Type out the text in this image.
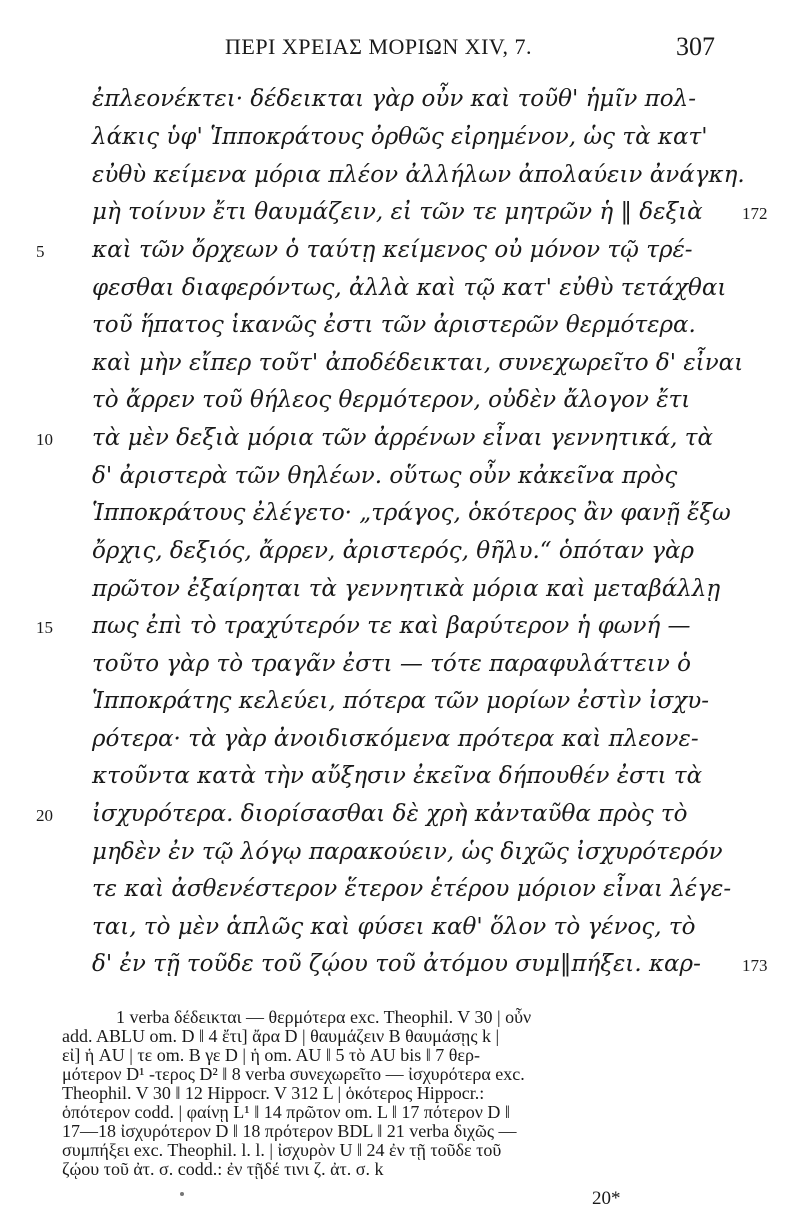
ΠΕΡΙ ΧΡΕΙΑΣ ΜΟΡΙΩΝ XIV, 7.	307
ἐπλεονέκτει· δέδεικται γὰρ οὖν καὶ τοῦθ' ἡμῖν πολ-
λάκις ὑφ' Ἱπποκράτους ὀρθῶς εἰρημένον, ὡς τὰ κατ'
εὐθὺ κείμενα μόρια πλέον ἀλλήλων ἀπολαύειν ἀνάγκη.
μὴ τοίνυν ἔτι θαυμάζειν, εἰ τῶν τε μητρῶν ἡ ‖ δεξιὰ	172
5	καὶ τῶν ὄρχεων ὁ ταύτῃ κείμενος οὐ μόνον τῷ τρέ-
φεσθαι διαφερόντως, ἀλλὰ καὶ τῷ κατ' εὐθὺ τετάχθαι
τοῦ ἥπατος ἱκανῶς ἐστι τῶν ἀριστερῶν θερμότερα.
καὶ μὴν εἴπερ τοῦτ' ἀποδέδεικται, συνεχωρεῖτο δ' εἶναι
τὸ ἄρρεν τοῦ θήλεος θερμότερον, οὐδὲν ἄλογον ἔτι
10	τὰ μὲν δεξιὰ μόρια τῶν ἀρρένων εἶναι γεννητικά, τὰ
δ' ἀριστερὰ τῶν θηλέων. οὕτως οὖν κἀκεῖνα πρὸς
Ἱπποκράτους ἐλέγετο· „τράγος, ὁκότερος ἂν φανῇ ἔξω
ὄρχις, δεξιός, ἄρρεν, ἀριστερός, θῆλυ.“ ὁπόταν γὰρ
πρῶτον ἐξαίρηται τὰ γεννητικὰ μόρια καὶ μεταβάλλῃ
15	πως ἐπὶ τὸ τραχύτερόν τε καὶ βαρύτερον ἡ φωνή —
τοῦτο γὰρ τὸ τραγᾶν ἐστι — τότε παραφυλάττειν ὁ
Ἱπποκράτης κελεύει, πότερα τῶν μορίων ἐστὶν ἰσχυ-
ρότερα· τὰ γὰρ ἀνοιδισκόμενα πρότερα καὶ πλεονε-
κτοῦντα κατὰ τὴν αὔξησιν ἐκεῖνα δήπουθέν ἐστι τὰ
20	ἰσχυρότερα. διορίσασθαι δὲ χρὴ κἀνταῦθα πρὸς τὸ
μηδὲν ἐν τῷ λόγῳ παρακούειν, ὡς διχῶς ἰσχυρότερόν
τε καὶ ἀσθενέστερον ἕτερον ἑτέρου μόριον εἶναι λέγε-
ται, τὸ μὲν ἁπλῶς καὶ φύσει καθ' ὅλον τὸ γένος, τὸ
δ' ἐν τῇ τοῦδε τοῦ ζῴου τοῦ ἀτόμου συμ‖πήξει. καρ-	173
1 verba δέδεικται — θερμότερα exc. Theophil. V 30 | οὖν
add. ABLU om. D ‖ 4 ἔτι] ἄρα D | θαυμάζειν B θαυμάσῃς k |
εἰ] ἡ AU | τε om. B γε D | ἡ om. AU ‖ 5 τὸ AU bis ‖ 7 θερ-
μότερον D¹ -τερος D² ‖ 8 verba συνεχωρεῖτο — ἰσχυρότερα exc.
Theophil. V 30 ‖ 12 Hippocr. V 312 L | ὁκότερος Hippocr.:
ὁπότερον codd. | φαίνῃ L¹ ‖ 14 πρῶτον om. L ‖ 17 πότερον D ‖
17—18 ἰσχυρότερον D ‖ 18 πρότερον BDL ‖ 21 verba διχῶς —
συμπήξει exc. Theophil. l. l. | ἰσχυρὸν U ‖ 24 ἐν τῇ τοῦδε τοῦ
ζῴου τοῦ ἀτ. σ. codd.: ἐν τῇδέ τινι ζ. ἀτ. σ. k
20*
